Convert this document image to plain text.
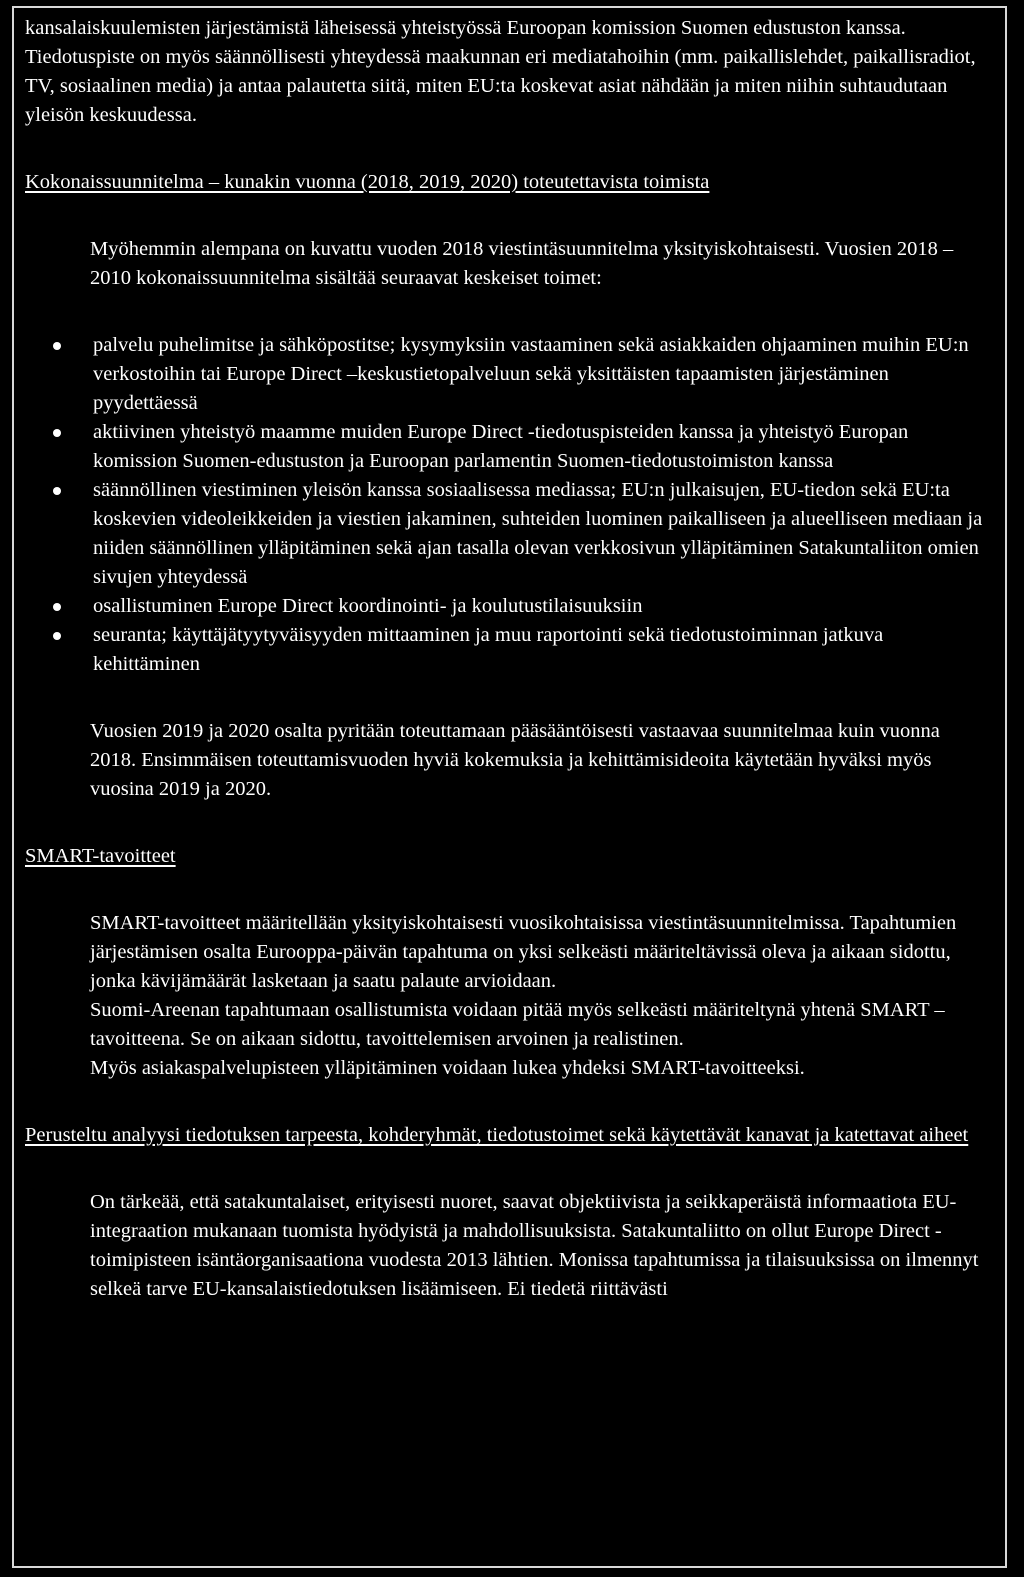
kansalaiskuulemisten järjestämistä läheisessä yhteistyössä Euroopan komission Suomen edustuston kanssa. Tiedotuspiste on myös säännöllisesti yhteydessä maakunnan eri mediatahoihin (mm. paikallislehdet, paikallisradiot, TV, sosiaalinen media) ja antaa palautetta siitä, miten EU:ta koskevat asiat nähdään ja miten niihin suhtaudutaan yleisön keskuudessa.

Kokonaissuunnitelma – kunakin vuonna (2018, 2019, 2020) toteutettavista toimista

Myöhemmin alempana on kuvattu vuoden 2018 viestintäsuunnitelma yksityiskohtaisesti. Vuosien 2018 – 2010 kokonaissuunnitelma sisältää seuraavat keskeiset toimet:

palvelu puhelimitse ja sähköpostitse; kysymyksiin vastaaminen sekä asiakkaiden ohjaaminen muihin EU:n verkostoihin tai Europe Direct –keskustietopalveluun sekä yksittäisten tapaamisten järjestäminen pyydettäessä
aktiivinen yhteistyö maamme muiden Europe Direct -tiedotuspisteiden kanssa ja yhteistyö Europan komission Suomen-edustuston ja Euroopan parlamentin Suomen-tiedotustoimiston kanssa
säännöllinen viestiminen yleisön kanssa sosiaalisessa mediassa; EU:n julkaisujen, EU-tiedon sekä EU:ta koskevien videoleikkeiden ja viestien jakaminen, suhteiden luominen paikalliseen ja alueelliseen mediaan ja niiden säännöllinen ylläpitäminen sekä ajan tasalla olevan verkkosivun ylläpitäminen Satakuntaliiton omien sivujen yhteydessä
osallistuminen Europe Direct koordinointi- ja koulutustilaisuuksiin
seuranta; käyttäjätyytyväisyyden mittaaminen ja muu raportointi sekä tiedotustoiminnan jatkuva kehittäminen

Vuosien 2019 ja 2020 osalta pyritään toteuttamaan pääsääntöisesti vastaavaa suunnitelmaa kuin vuonna 2018. Ensimmäisen toteuttamisvuoden hyviä kokemuksia ja kehittämisideoita käytetään hyväksi myös vuosina 2019 ja 2020.

SMART-tavoitteet

SMART-tavoitteet määritellään yksityiskohtaisesti vuosikohtaisissa viestintäsuunnitelmissa. Tapahtumien järjestämisen osalta Eurooppa-päivän tapahtuma on yksi selkeästi määriteltävissä oleva ja aikaan sidottu, jonka kävijämäärät lasketaan ja saatu palaute arvioidaan.

Suomi-Areenan tapahtumaan osallistumista voidaan pitää myös selkeästi määriteltynä yhtenä SMART –tavoitteena. Se on aikaan sidottu, tavoittelemisen arvoinen ja realistinen.

Myös asiakaspalvelupisteen ylläpitäminen voidaan lukea yhdeksi SMART-tavoitteeksi.

Perusteltu analyysi tiedotuksen tarpeesta, kohderyhmät, tiedotustoimet sekä käytettävät kanavat ja katettavat aiheet

On tärkeää, että satakuntalaiset, erityisesti nuoret, saavat objektiivista ja seikkaperäistä informaatiota EU-integraation mukanaan tuomista hyödyistä ja mahdollisuuksista. Satakuntaliitto on ollut Europe Direct -toimipisteen isäntäorganisaationa vuodesta 2013 lähtien. Monissa tapahtumissa ja tilaisuuksissa on ilmennyt selkeä tarve EU-kansalaistiedotuksen lisäämiseen. Ei tiedetä riittävästi
